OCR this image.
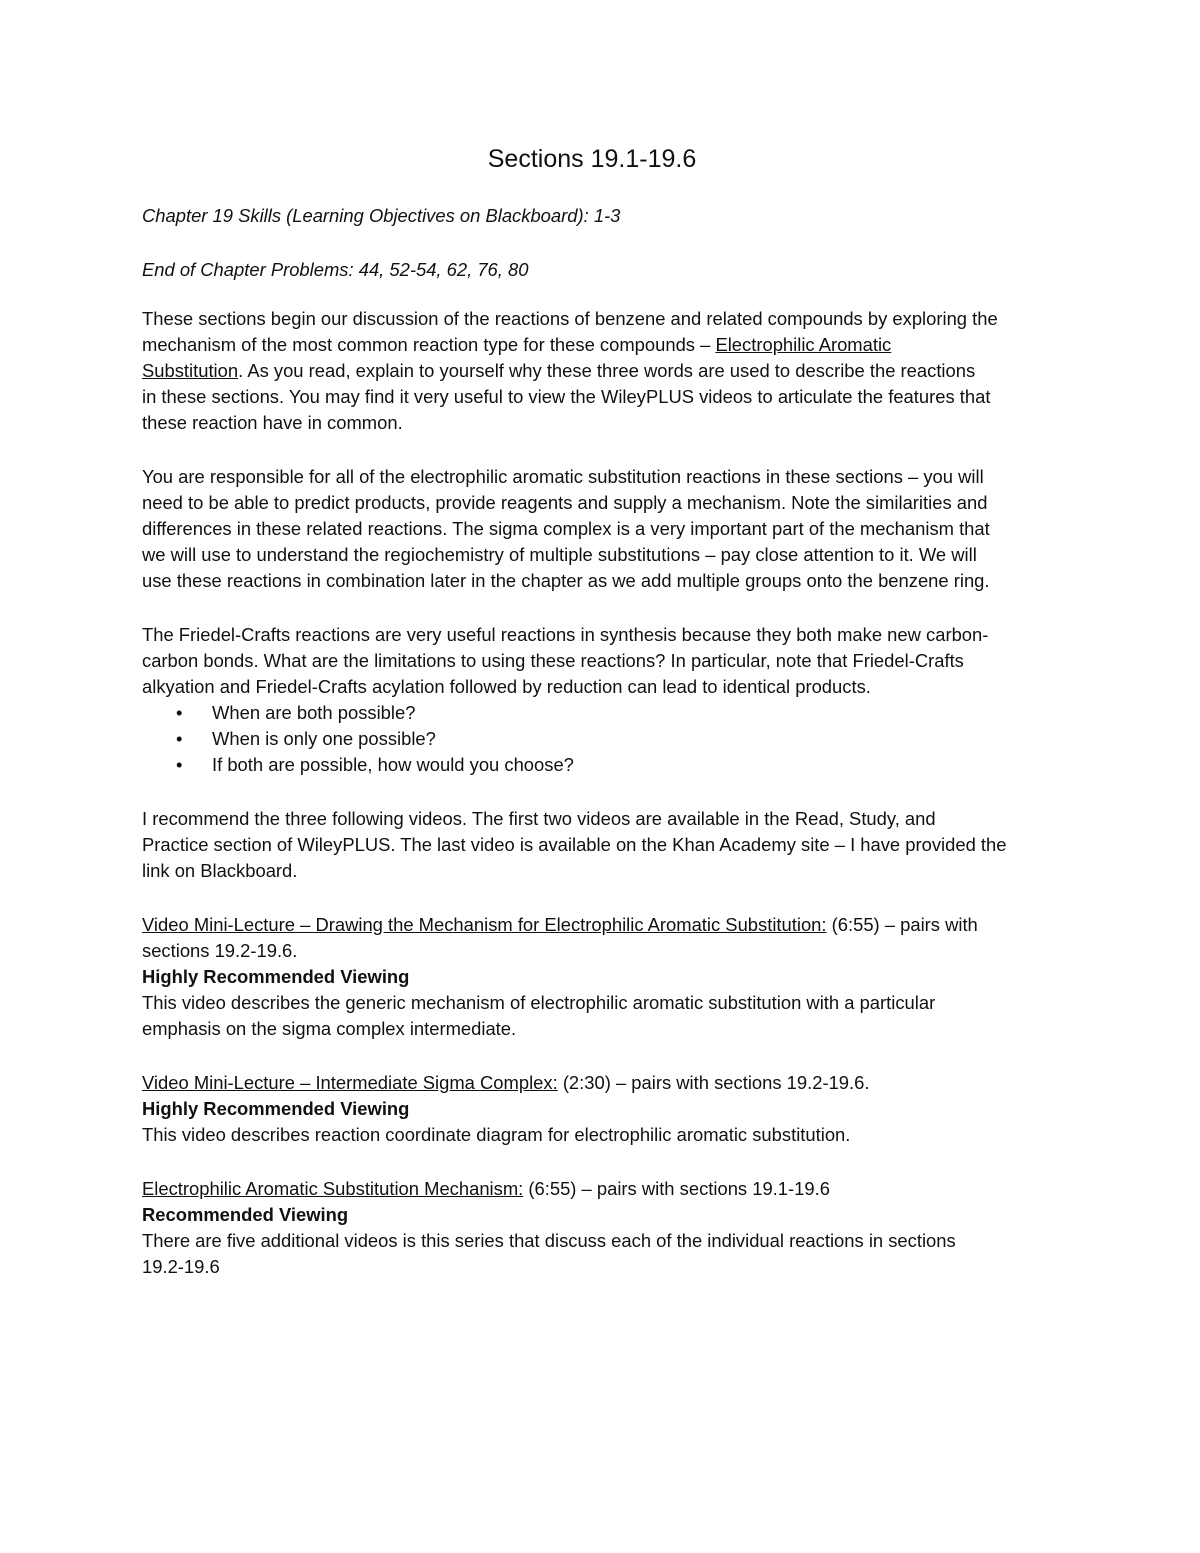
Sections 19.1-19.6
Chapter 19 Skills (Learning Objectives on Blackboard): 1-3
End of Chapter Problems: 44, 52-54, 62, 76, 80
These sections begin our discussion of the reactions of benzene and related compounds by exploring the
mechanism of the most common reaction type for these compounds – Electrophilic Aromatic
Substitution. As you read, explain to yourself why these three words are used to describe the reactions
in these sections. You may find it very useful to view the WileyPLUS videos to articulate the features that
these reaction have in common.
You are responsible for all of the electrophilic aromatic substitution reactions in these sections – you will
need to be able to predict products, provide reagents and supply a mechanism. Note the similarities and
differences in these related reactions. The sigma complex is a very important part of the mechanism that
we will use to understand the regiochemistry of multiple substitutions – pay close attention to it. We will
use these reactions in combination later in the chapter as we add multiple groups onto the benzene ring.
The Friedel-Crafts reactions are very useful reactions in synthesis because they both make new carbon-
carbon bonds. What are the limitations to using these reactions? In particular, note that Friedel-Crafts
alkyation and Friedel-Crafts acylation followed by reduction can lead to identical products.
• When are both possible?
• When is only one possible?
• If both are possible, how would you choose?
I recommend the three following videos. The first two videos are available in the Read, Study, and
Practice section of WileyPLUS. The last video is available on the Khan Academy site – I have provided the
link on Blackboard.
Video Mini-Lecture – Drawing the Mechanism for Electrophilic Aromatic Substitution: (6:55) – pairs with
sections 19.2-19.6.
Highly Recommended Viewing
This video describes the generic mechanism of electrophilic aromatic substitution with a particular
emphasis on the sigma complex intermediate.
Video Mini-Lecture – Intermediate Sigma Complex: (2:30) – pairs with sections 19.2-19.6.
Highly Recommended Viewing
This video describes reaction coordinate diagram for electrophilic aromatic substitution.
Electrophilic Aromatic Substitution Mechanism: (6:55) – pairs with sections 19.1-19.6
Recommended Viewing
There are five additional videos is this series that discuss each of the individual reactions in sections
19.2-19.6
